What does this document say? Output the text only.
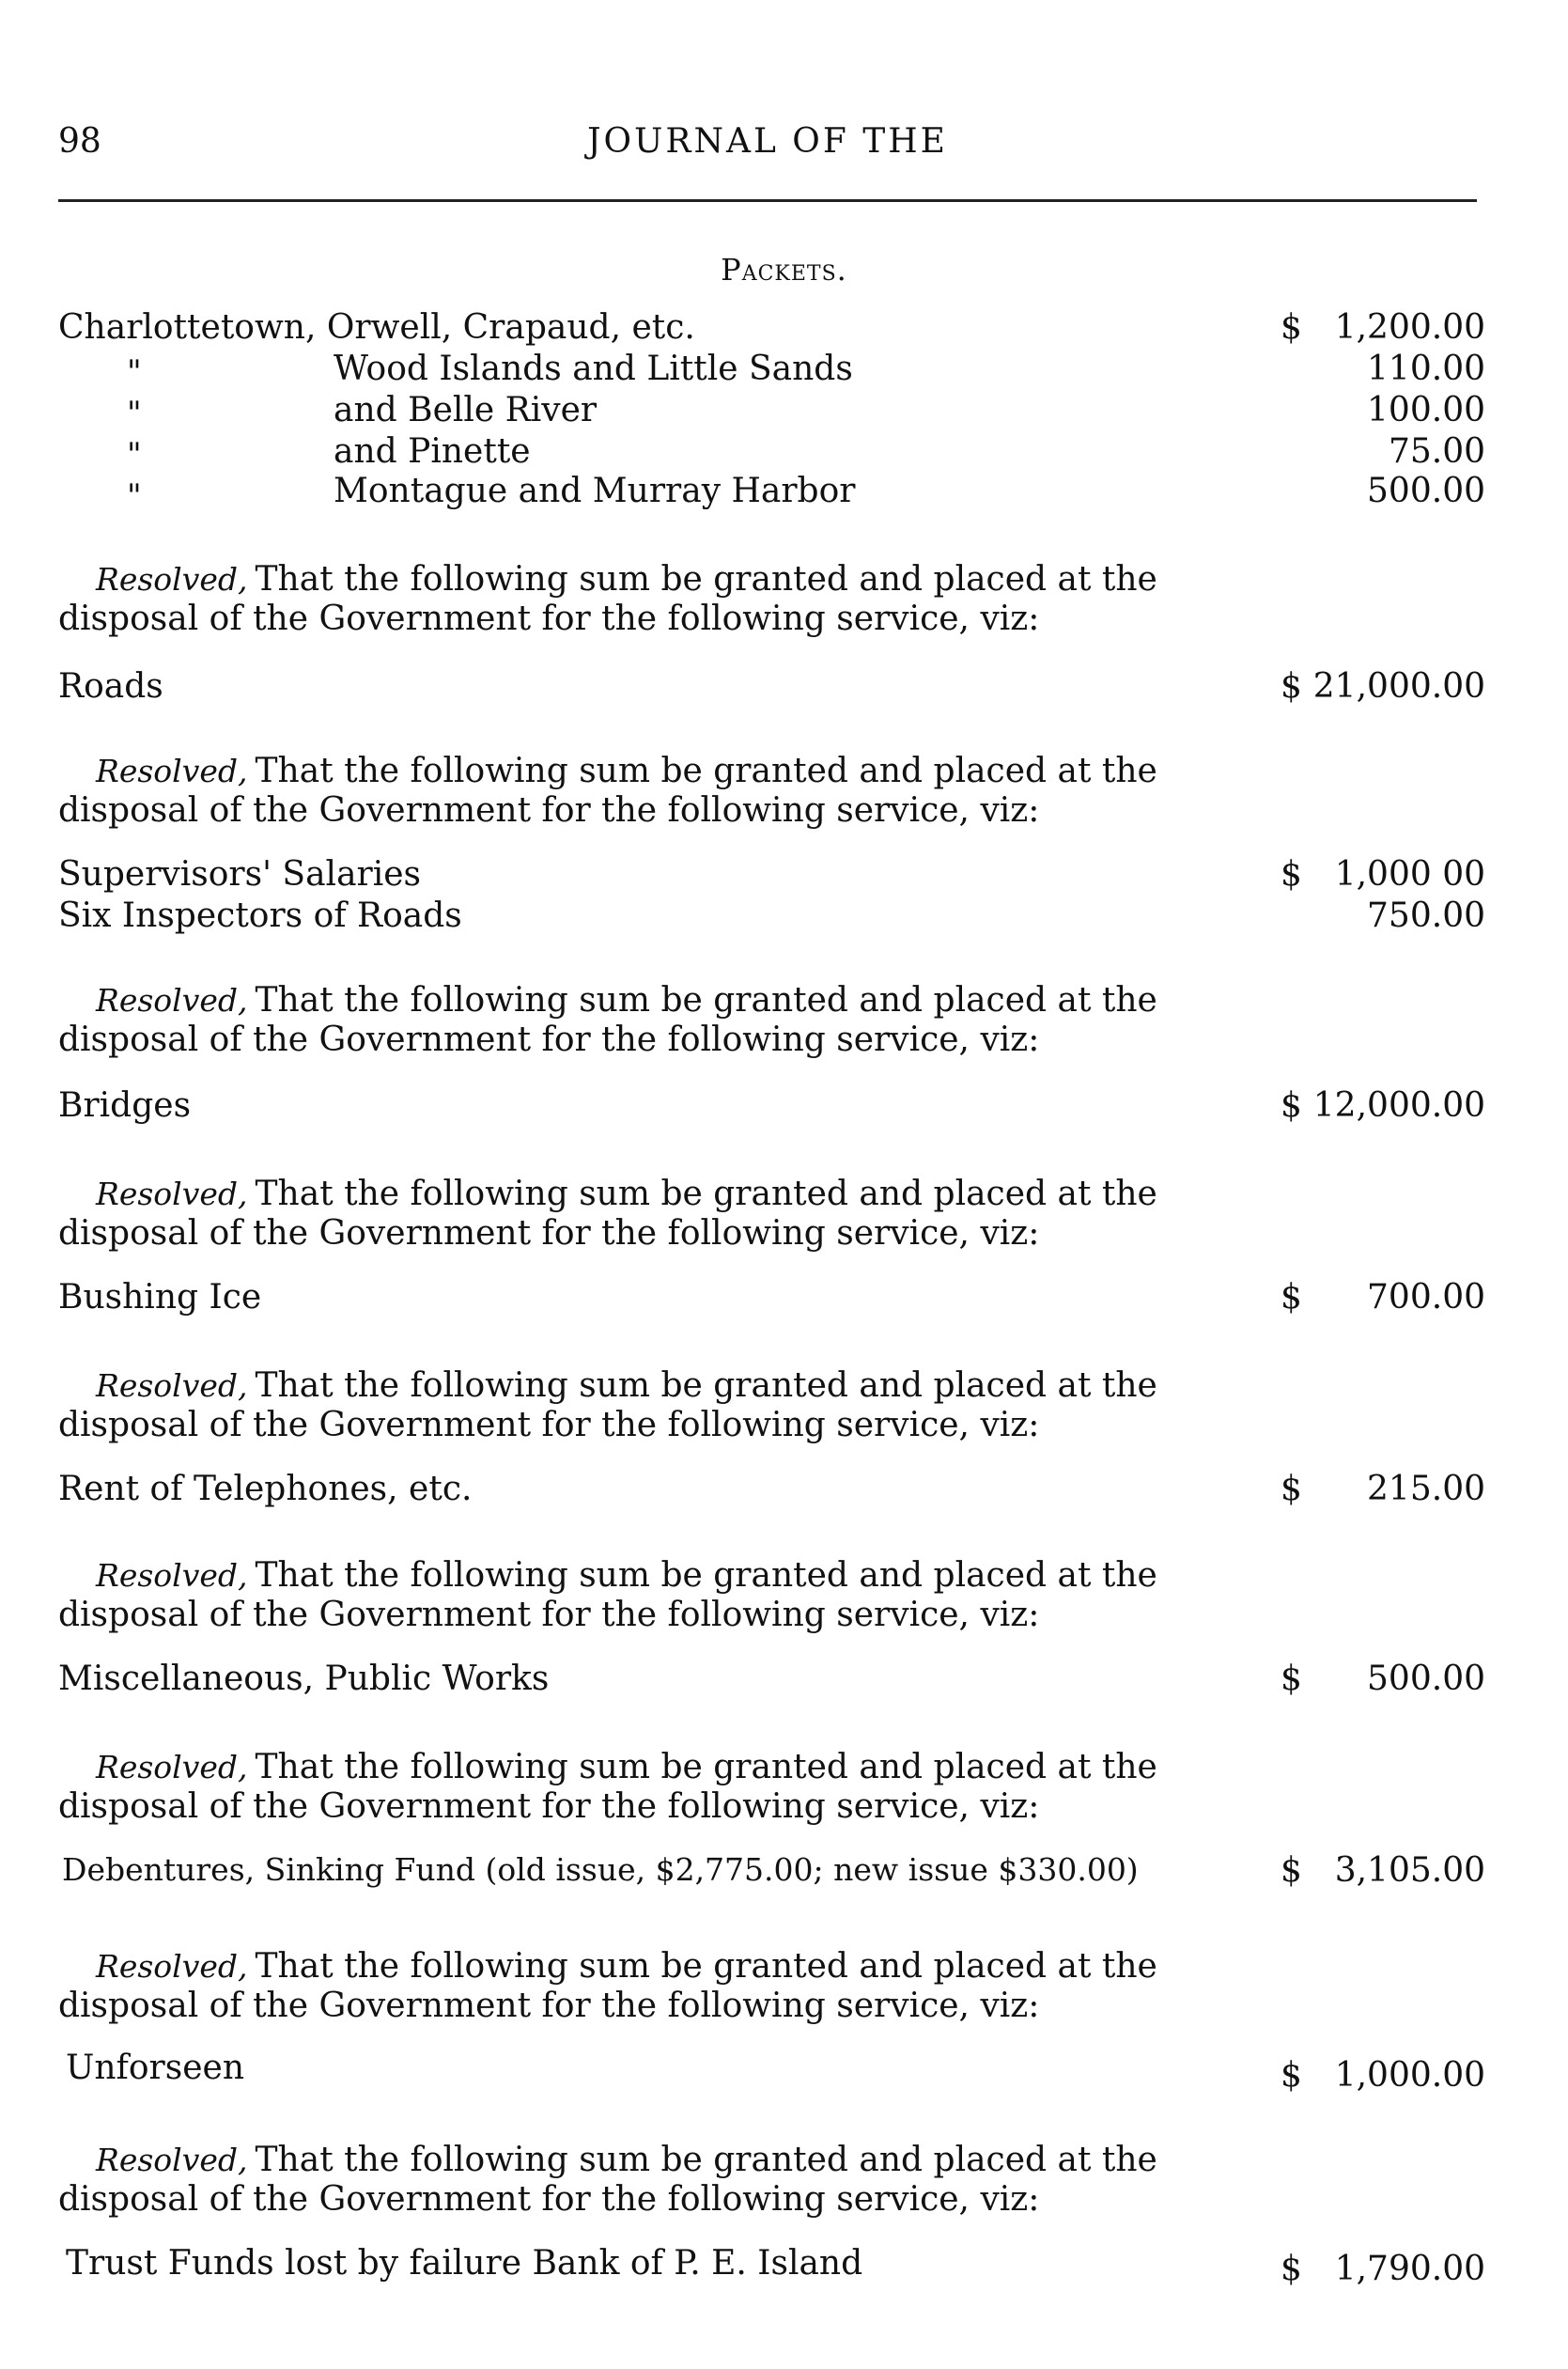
98	JOURNAL OF THE
Packets.
Charlottetown, Orwell, Crapaud, etc.	$ 1,200.00
"	Wood Islands and Little Sands	110.00
"	and Belle River	100.00
"	and Pinette	75.00
"	Montague and Murray Harbor	500.00
Resolved, That the following sum be granted and placed at the
disposal of the Government for the following service, viz:
Roads	$ 21,000.00
Resolved, That the following sum be granted and placed at the
disposal of the Government for the following service, viz:
Supervisors' Salaries	$ 1,000 00
Six Inspectors of Roads	750.00
Resolved, That the following sum be granted and placed at the
disposal of the Government for the following service, viz:
Bridges	$ 12,000.00
Resolved, That the following sum be granted and placed at the
disposal of the Government for the following service, viz:
Bushing Ice	$ 700.00
Resolved, That the following sum be granted and placed at the
disposal of the Government for the following service, viz:
Rent of Telephones, etc.	$ 215.00
Resolved, That the following sum be granted and placed at the
disposal of the Government for the following service, viz:
Miscellaneous, Public Works	$ 500.00
Resolved, That the following sum be granted and placed at the
disposal of the Government for the following service, viz:
Debentures, Sinking Fund (old issue, $2,775.00; new issue $330.00)	$ 3,105.00
Resolved, That the following sum be granted and placed at the
disposal of the Government for the following service, viz:
Unforseen	$ 1,000.00
Resolved, That the following sum be granted and placed at the
disposal of the Government for the following service, viz:
Trust Funds lost by failure Bank of P. E. Island	$ 1,790.00
